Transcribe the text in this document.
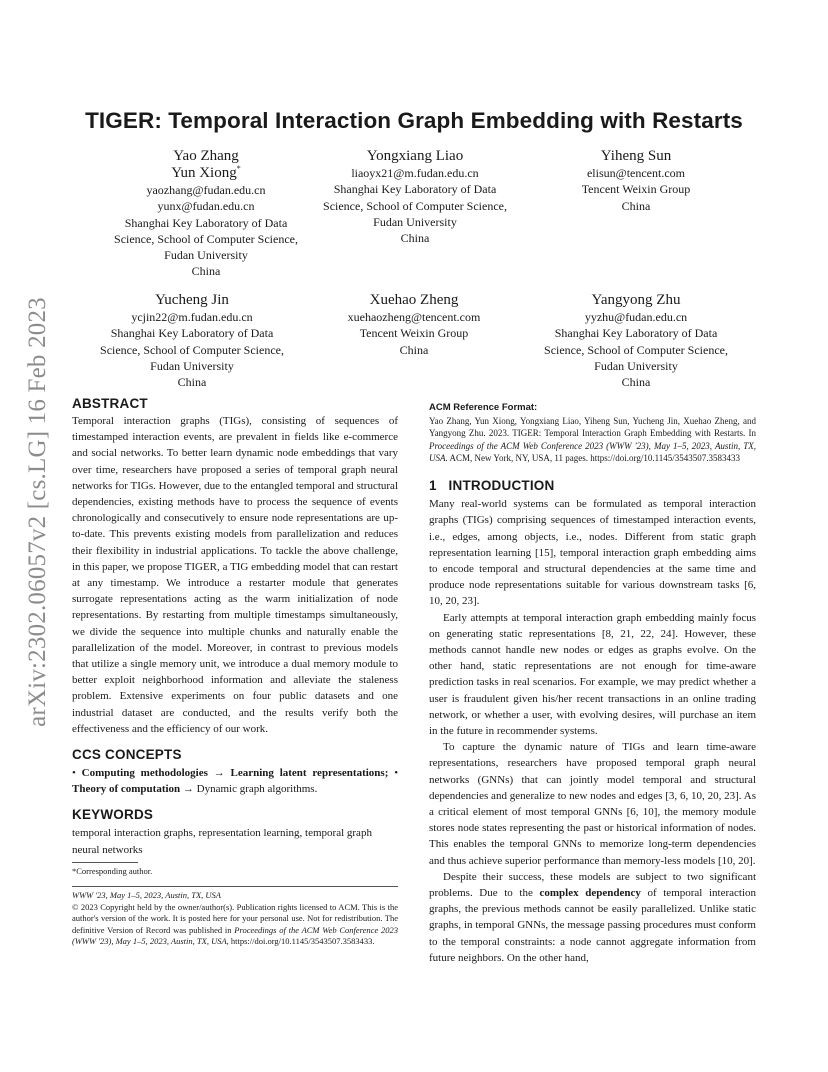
arXiv:2302.06057v2 [cs.LG] 16 Feb 2023
TIGER: Temporal Interaction Graph Embedding with Restarts
Yao Zhang
Yun Xiong*
yaozhang@fudan.edu.cn
yunx@fudan.edu.cn
Shanghai Key Laboratory of Data
Science, School of Computer Science,
Fudan University
China
Yongxiang Liao
liaoyx21@m.fudan.edu.cn
Shanghai Key Laboratory of Data
Science, School of Computer Science,
Fudan University
China
Yiheng Sun
elisun@tencent.com
Tencent Weixin Group
China
Yucheng Jin
ycjin22@m.fudan.edu.cn
Shanghai Key Laboratory of Data
Science, School of Computer Science,
Fudan University
China
Xuehao Zheng
xuehaozheng@tencent.com
Tencent Weixin Group
China
Yangyong Zhu
yyzhu@fudan.edu.cn
Shanghai Key Laboratory of Data
Science, School of Computer Science,
Fudan University
China
ABSTRACT

Temporal interaction graphs (TIGs), consisting of sequences of timestamped interaction events, are prevalent in fields like e-commerce and social networks. To better learn dynamic node embeddings that vary over time, researchers have proposed a series of temporal graph neural networks for TIGs. However, due to the entangled temporal and structural dependencies, existing methods have to process the sequence of events chronologically and consecutively to ensure node representations are up-to-date. This prevents existing models from parallelization and reduces their flexibility in industrial applications. To tackle the above challenge, in this paper, we propose TIGER, a TIG embedding model that can restart at any timestamp. We introduce a restarter module that generates surrogate representations acting as the warm initialization of node representations. By restarting from multiple timestamps simultaneously, we divide the sequence into multiple chunks and naturally enable the parallelization of the model. Moreover, in contrast to previous models that utilize a single memory unit, we introduce a dual memory module to better exploit neighborhood information and alleviate the staleness problem. Extensive experiments on four public datasets and one industrial dataset are conducted, and the results verify both the effectiveness and the efficiency of our work.

CCS CONCEPTS

• Computing methodologies → Learning latent representations; • Theory of computation → Dynamic graph algorithms.

KEYWORDS

temporal interaction graphs, representation learning, temporal graph neural networks

*Corresponding author.

WWW '23, May 1–5, 2023, Austin, TX, USA

© 2023 Copyright held by the owner/author(s). Publication rights licensed to ACM. This is the author's version of the work. It is posted here for your personal use. Not for redistribution. The definitive Version of Record was published in Proceedings of the ACM Web Conference 2023 (WWW '23), May 1–5, 2023, Austin, TX, USA, https://doi.org/10.1145/3543507.3583433.

ACM Reference Format:

Yao Zhang, Yun Xiong, Yongxiang Liao, Yiheng Sun, Yucheng Jin, Xuehao Zheng, and Yangyong Zhu. 2023. TIGER: Temporal Interaction Graph Embedding with Restarts. In Proceedings of the ACM Web Conference 2023 (WWW '23), May 1–5, 2023, Austin, TX, USA. ACM, New York, NY, USA, 11 pages. https://doi.org/10.1145/3543507.3583433

1   INTRODUCTION

Many real-world systems can be formulated as temporal interaction graphs (TIGs) comprising sequences of timestamped interaction events, i.e., edges, among objects, i.e., nodes. Different from static graph representation learning [15], temporal interaction graph embedding aims to encode temporal and structural dependencies at the same time and produce node representations suitable for various downstream tasks [6, 10, 20, 23].

Early attempts at temporal interaction graph embedding mainly focus on generating static representations [8, 21, 22, 24]. However, these methods cannot handle new nodes or edges as graphs evolve. On the other hand, static representations are not enough for time-aware prediction tasks in real scenarios. For example, we may predict whether a user is fraudulent given his/her recent transactions in an online trading network, or whether a user, with evolving desires, will purchase an item in the future in recommender systems.

To capture the dynamic nature of TIGs and learn time-aware representations, researchers have proposed temporal graph neural networks (GNNs) that can jointly model temporal and structural dependencies and generalize to new nodes and edges [3, 6, 10, 20, 23]. As a critical element of most temporal GNNs [6, 10], the memory module stores node states representing the past or historical information of nodes. This enables the temporal GNNs to memorize long-term dependencies and thus achieve superior performance than memory-less models [10, 20].

Despite their success, these models are subject to two significant problems. Due to the complex dependency of temporal interaction graphs, the previous methods cannot be easily parallelized. Unlike static graphs, in temporal GNNs, the message passing procedures must conform to the temporal constraints: a node cannot aggregate information from future neighbors. On the other hand,
